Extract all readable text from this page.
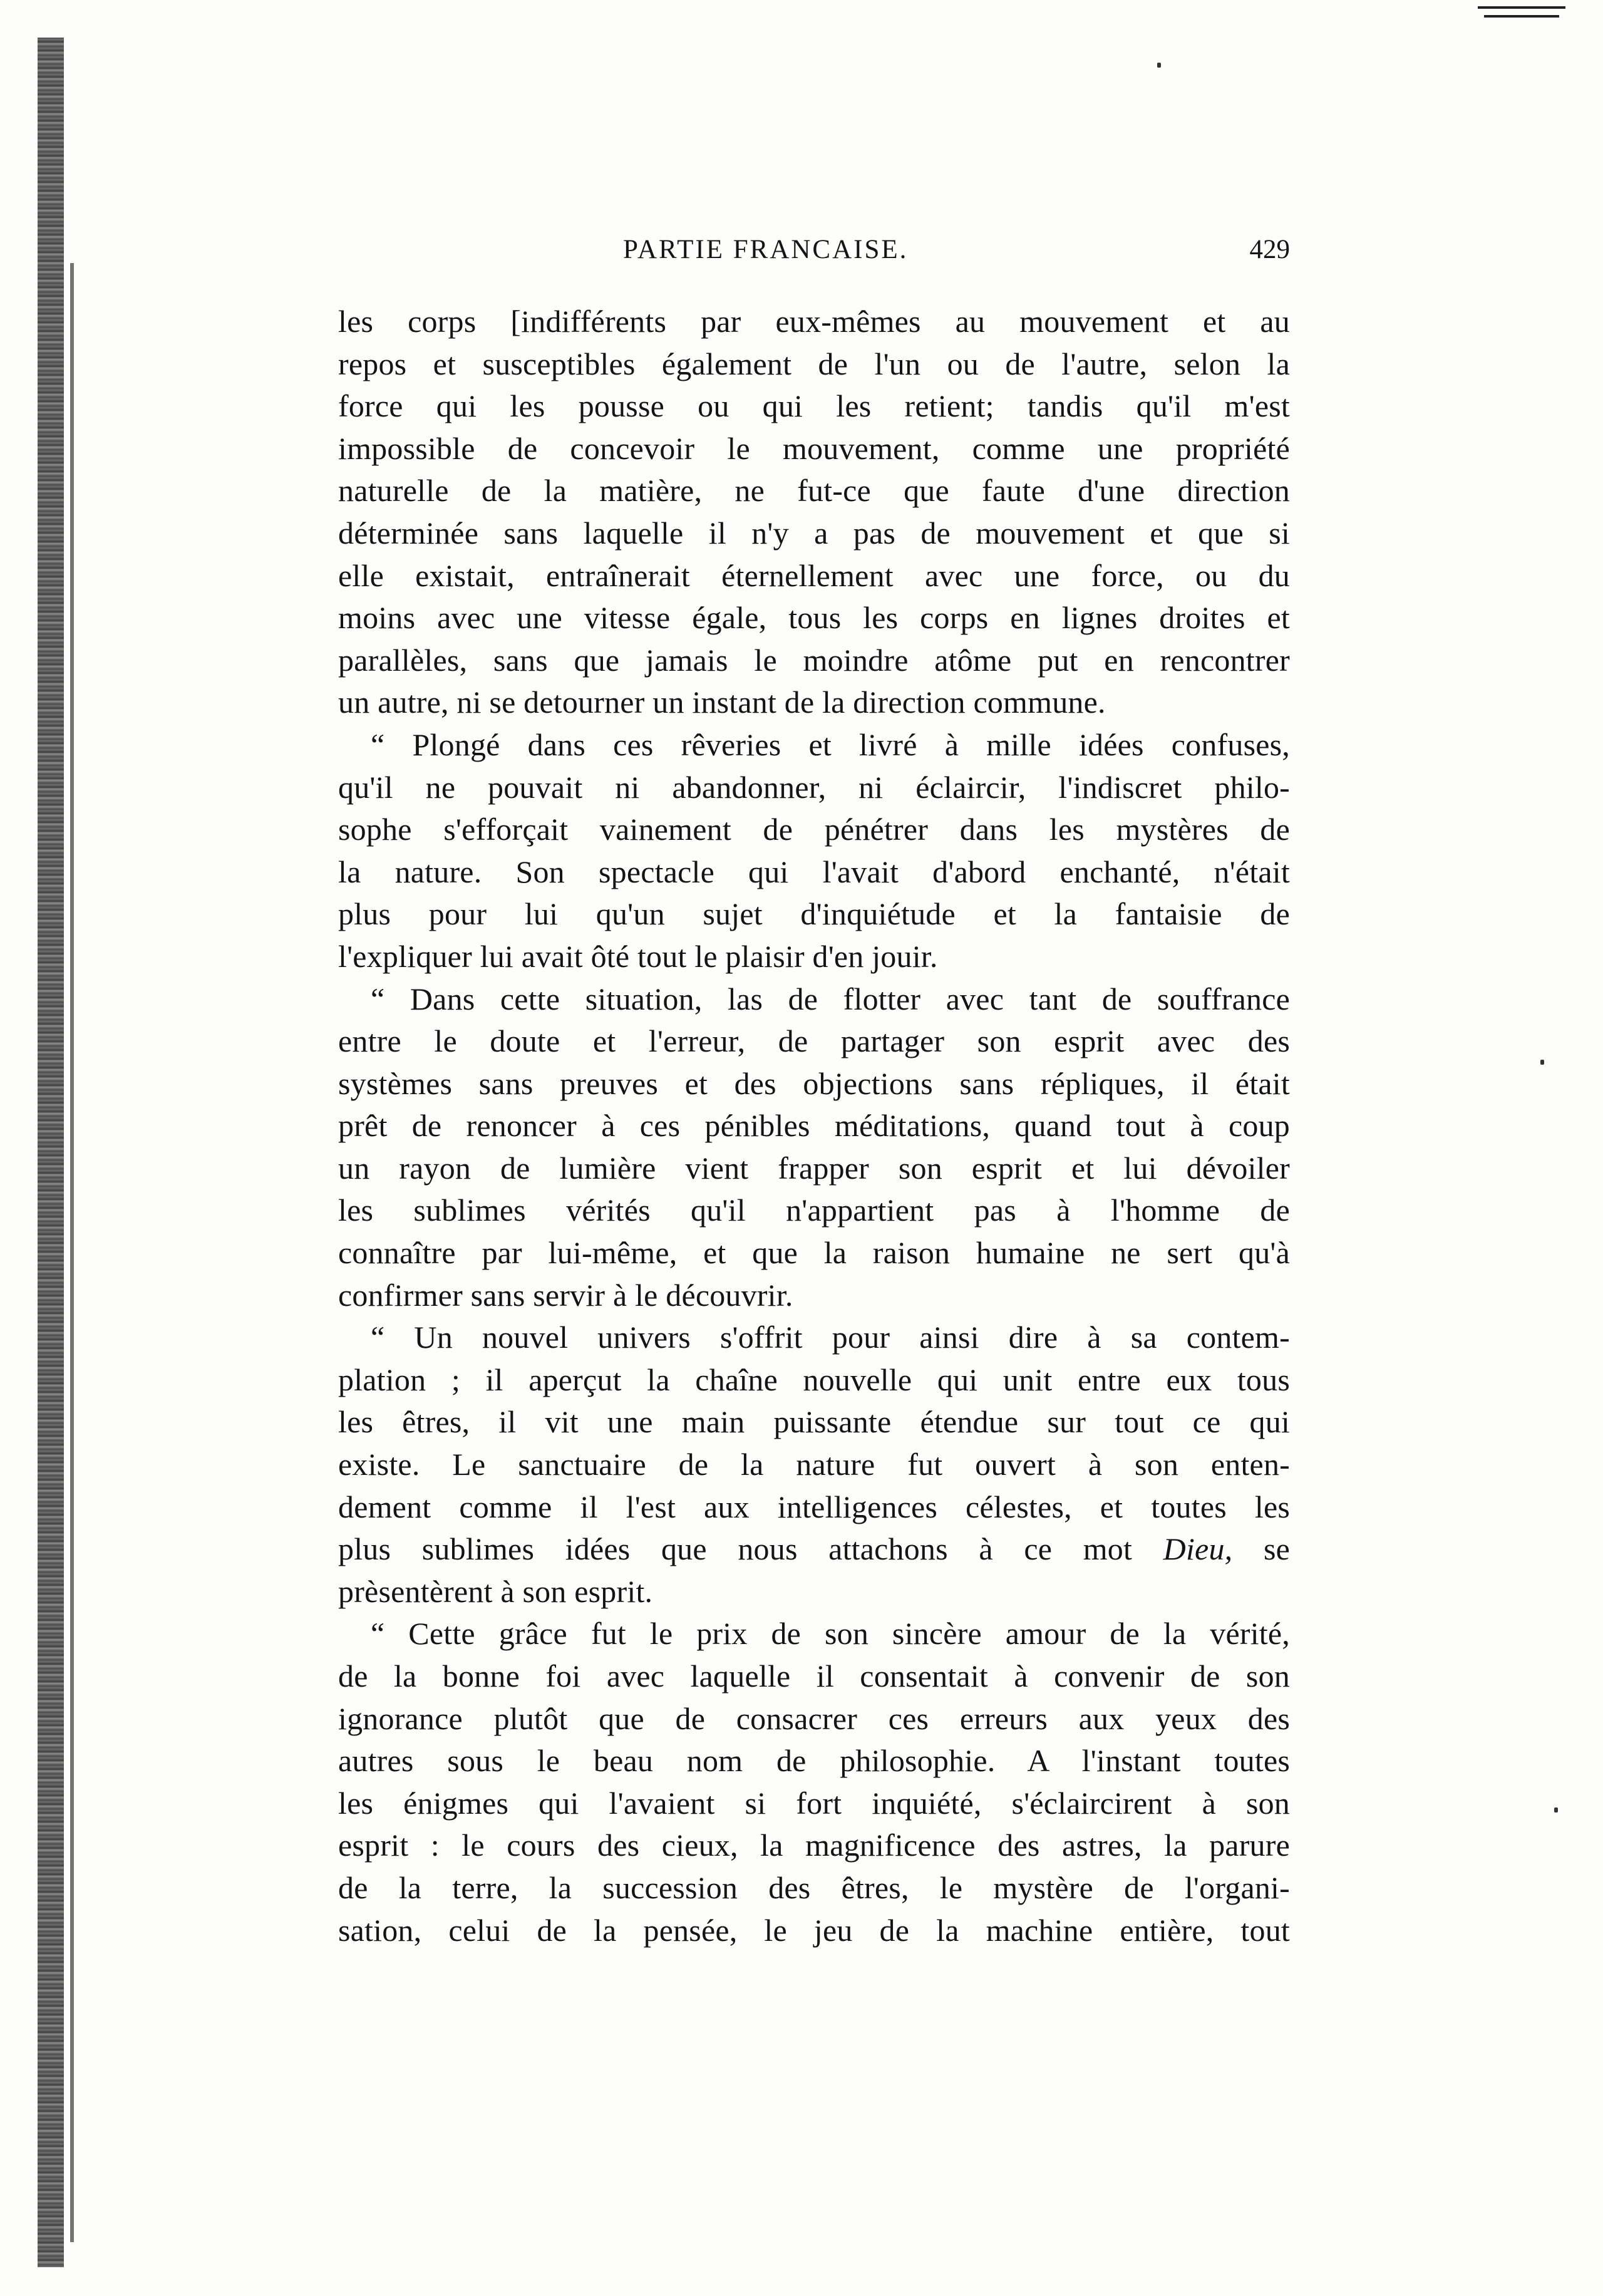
PARTIE FRANCAISE.	429
les corps [indifférents par eux-mêmes au mouvement et au
repos et susceptibles également de l'un ou de l'autre, selon la
force qui les pousse ou qui les retient; tandis qu'il m'est
impossible de concevoir le mouvement, comme une propriété
naturelle de la matière, ne fut-ce que faute d'une direction
déterminée sans laquelle il n'y a pas de mouvement et que si
elle existait, entraînerait éternellement avec une force, ou du
moins avec une vitesse égale, tous les corps en lignes droites et
parallèles, sans que jamais le moindre atôme put en rencontrer
un autre, ni se detourner un instant de la direction commune.
“ Plongé dans ces rêveries et livré à mille idées confuses,
qu'il ne pouvait ni abandonner, ni éclaircir, l'indiscret philo-
sophe s'efforçait vainement de pénétrer dans les mystères de
la nature. Son spectacle qui l'avait d'abord enchanté, n'était
plus pour lui qu'un sujet d'inquiétude et la fantaisie de
l'expliquer lui avait ôté tout le plaisir d'en jouir.
“ Dans cette situation, las de flotter avec tant de souffrance
entre le doute et l'erreur, de partager son esprit avec des
systèmes sans preuves et des objections sans répliques, il était
prêt de renoncer à ces pénibles méditations, quand tout à coup
un rayon de lumière vient frapper son esprit et lui dévoiler
les sublimes vérités qu'il n'appartient pas à l'homme de
connaître par lui-même, et que la raison humaine ne sert qu'à
confirmer sans servir à le découvrir.
“ Un nouvel univers s'offrit pour ainsi dire à sa contem-
plation ; il aperçut la chaîne nouvelle qui unit entre eux tous
les êtres, il vit une main puissante étendue sur tout ce qui
existe. Le sanctuaire de la nature fut ouvert à son enten-
dement comme il l'est aux intelligences célestes, et toutes les
plus sublimes idées que nous attachons à ce mot Dieu, se
prèsentèrent à son esprit.
“ Cette grâce fut le prix de son sincère amour de la vérité,
de la bonne foi avec laquelle il consentait à convenir de son
ignorance plutôt que de consacrer ces erreurs aux yeux des
autres sous le beau nom de philosophie. A l'instant toutes
les énigmes qui l'avaient si fort inquiété, s'éclaircirent à son
esprit : le cours des cieux, la magnificence des astres, la parure
de la terre, la succession des êtres, le mystère de l'organi-
sation, celui de la pensée, le jeu de la machine entière, tout
